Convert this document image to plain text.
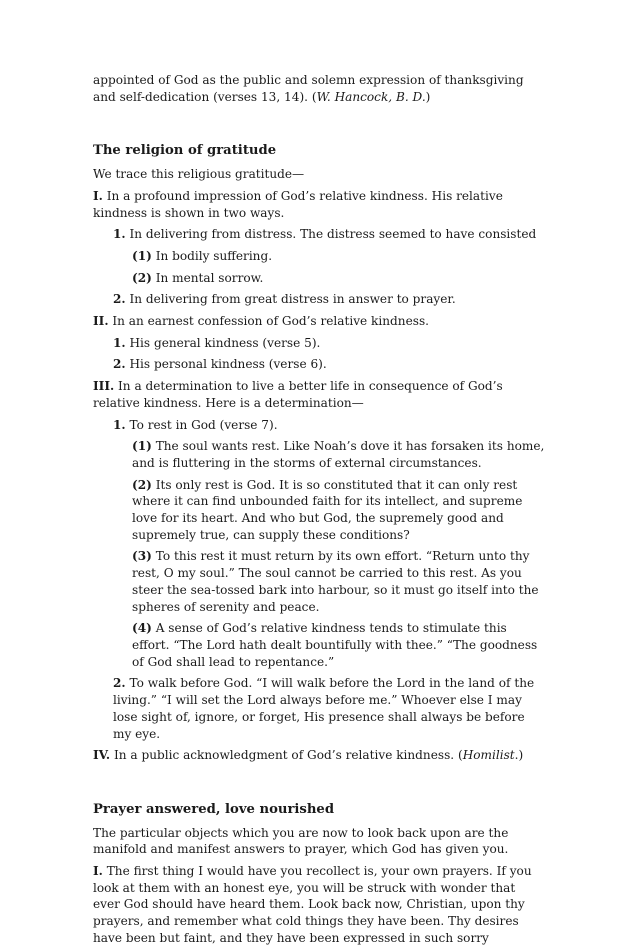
appointed of God as the public and solemn expression of thanksgiving and self-dedication (verses 13, 14). (W. Hancock, B. D.)

The religion of gratitude

We trace this religious gratitude—

I. In a profound impression of God’s relative kindness. His relative kindness is shown in two ways.

1. In delivering from distress. The distress seemed to have consisted

(1) In bodily suffering.

(2) In mental sorrow.

2. In delivering from great distress in answer to prayer.

II. In an earnest confession of God’s relative kindness.

1. His general kindness (verse 5).

2. His personal kindness (verse 6).

III. In a determination to live a better life in consequence of God’s relative kindness. Here is a determination—

1. To rest in God (verse 7).

(1) The soul wants rest. Like Noah’s dove it has forsaken its home, and is fluttering in the storms of external circumstances.

(2) Its only rest is God. It is so constituted that it can only rest where it can find unbounded faith for its intellect, and supreme love for its heart. And who but God, the supremely good and supremely true, can supply these conditions?

(3) To this rest it must return by its own effort. “Return unto thy rest, O my soul.” The soul cannot be carried to this rest. As you steer the sea-tossed bark into harbour, so it must go itself into the spheres of serenity and peace.

(4) A sense of God’s relative kindness tends to stimulate this effort. “The Lord hath dealt bountifully with thee.” “The goodness of God shall lead to repentance.”

2. To walk before God. “I will walk before the Lord in the land of the living.” “I will set the Lord always before me.” Whoever else I may lose sight of, ignore, or forget, His presence shall always be before my eye.

IV. In a public acknowledgment of God’s relative kindness. (Homilist.)

Prayer answered, love nourished

The particular objects which you are now to look back upon are the manifold and manifest answers to prayer, which God has given you.

I. The first thing I would have you recollect is, your own prayers. If you look at them with an honest eye, you will be struck with wonder that ever God should have heard them. Look back now, Christian, upon thy prayers, and remember what cold things they have been. Thy desires have been but faint, and they have been expressed in such sorry
